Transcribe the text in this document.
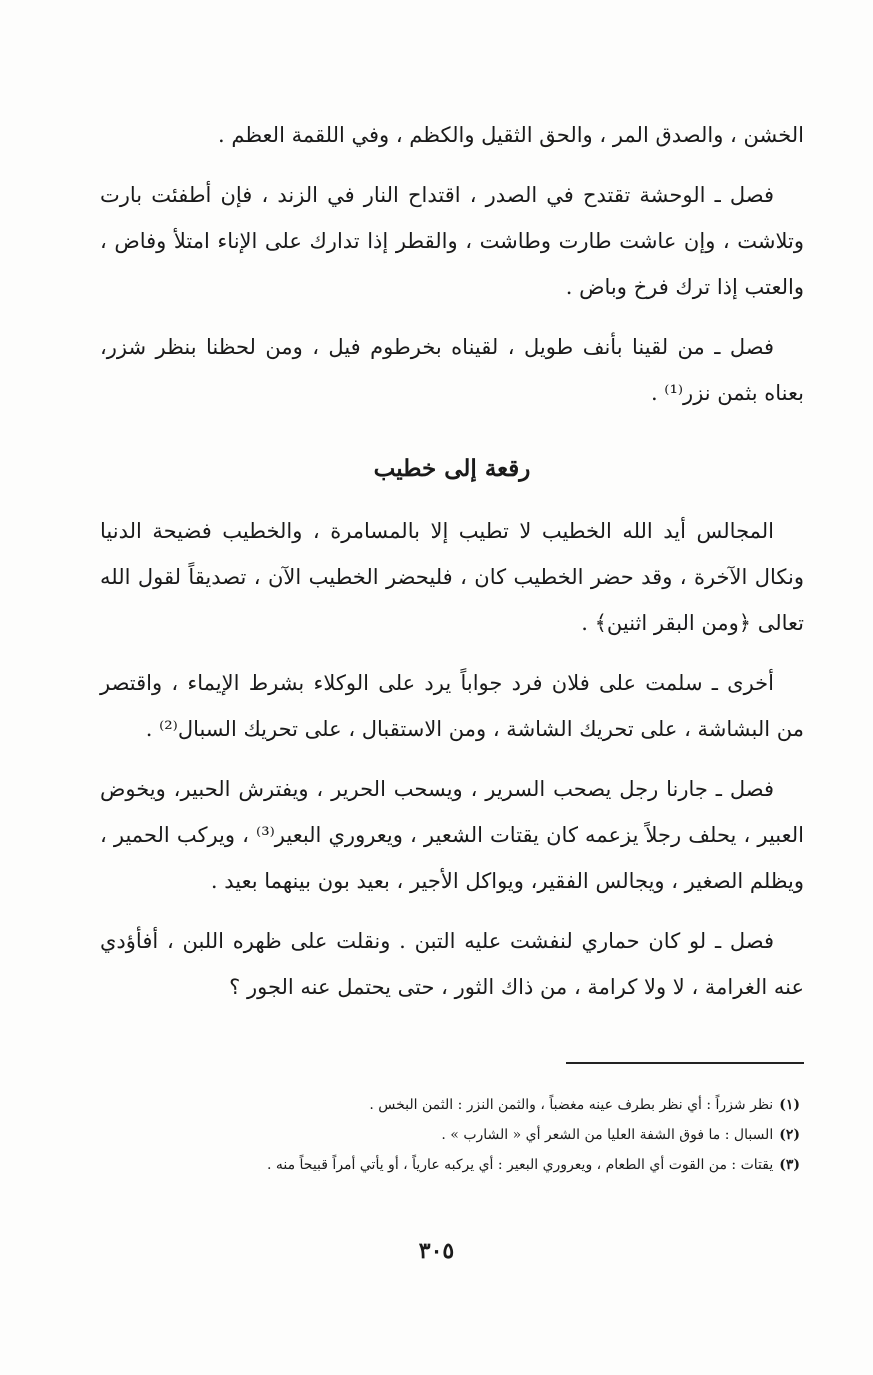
الخشن ، والصدق المر ، والحق الثقيل والكظم ، وفي اللقمة العظم .

فصل ـ الوحشة تقتدح في الصدر ، اقتداح النار في الزند ، فإن أطفئت بارت وتلاشت ، وإن عاشت طارت وطاشت ، والقطر إذا تدارك على الإناء امتلأ وفاض ، والعتب إذا ترك فرخ وباض .

فصل ـ من لقينا بأنف طويل ، لقيناه بخرطوم فيل ، ومن لحظنا بنظر شزر، بعناه بثمن نزر⁽¹⁾ .

رقعة إلى خطيب

المجالس أيد الله الخطيب لا تطيب إلا بالمسامرة ، والخطيب فضيحة الدنيا ونكال الآخرة ، وقد حضر الخطيب كان ، فليحضر الخطيب الآن ، تصديقاً لقول الله تعالى ﴿ومن البقر اثنين﴾ .

أخرى ـ سلمت على فلان فرد جواباً يرد على الوكلاء بشرط الإيماء ، واقتصر من البشاشة ، على تحريك الشاشة ، ومن الاستقبال ، على تحريك السبال⁽²⁾ .

فصل ـ جارنا رجل يصحب السرير ، ويسحب الحرير ، ويفترش الحبير، ويخوض العبير ، يحلف رجلاً يزعمه كان يقتات الشعير ، ويعروري البعير⁽³⁾ ، ويركب الحمير ، ويظلم الصغير ، ويجالس الفقير، ويواكل الأجير ، بعيد بون بينهما بعيد .

فصل ـ لو كان حماري لنفشت عليه التبن . ونقلت على ظهره اللبن ، أفأؤدي عنه الغرامة ، لا ولا كرامة ، من ذاك الثور ، حتى يحتمل عنه الجور ؟

(١)نظر شزراً : أي نظر بطرف عينه مغضباً ، والثمن النزر : الثمن البخس .

(٢)السبال : ما فوق الشفة العليا من الشعر أي « الشارب » .

(٣)يقتات : من القوت أي الطعام ، ويعروري البعير : أي يركبه عارياً ، أو يأتي أمراً قبيحاً منه .

٣٠٥
